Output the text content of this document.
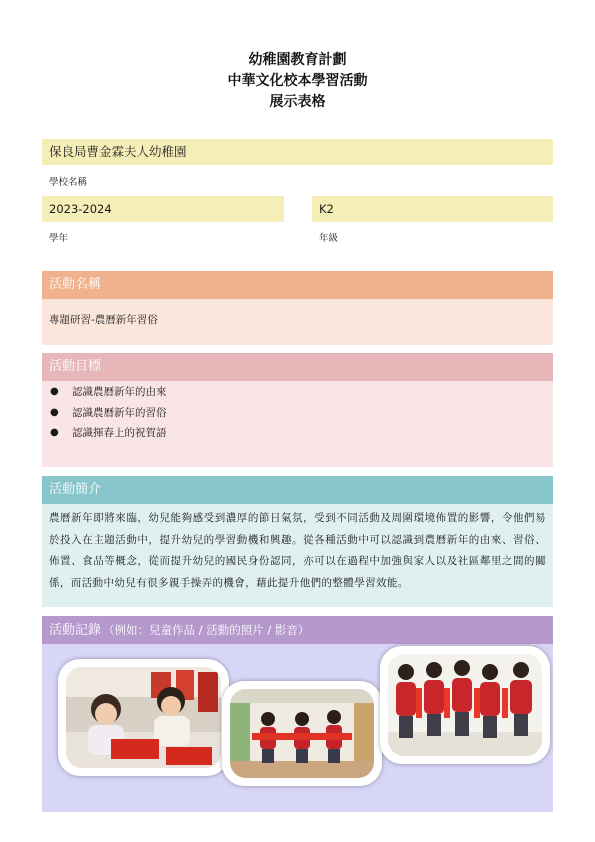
幼稚園教育計劃
中華文化校本學習活動
展示表格
保良局曹金霖夫人幼稚園
學校名稱
2023-2024
學年
K2
年級
活動名稱
專題研習-農曆新年習俗
活動目標
● 認識農曆新年的由來
● 認識農曆新年的習俗
● 認識揮春上的祝賀語
活動簡介
農曆新年即將來臨，幼兒能夠感受到濃厚的節日氣氛，受到不同活動及周圍環境佈置的影響，令他們易於投入在主題活動中，提升幼兒的學習動機和興趣。從各種活動中可以認識到農曆新年的由來、習俗、佈置、食品等概念，從而提升幼兒的國民身份認同，亦可以在過程中加強與家人以及社區鄰里之間的關係，而活動中幼兒有很多親手操弄的機會，藉此提升他們的整體學習效能。
活動記錄 （例如：兒童作品 / 活動的照片 / 影音）
